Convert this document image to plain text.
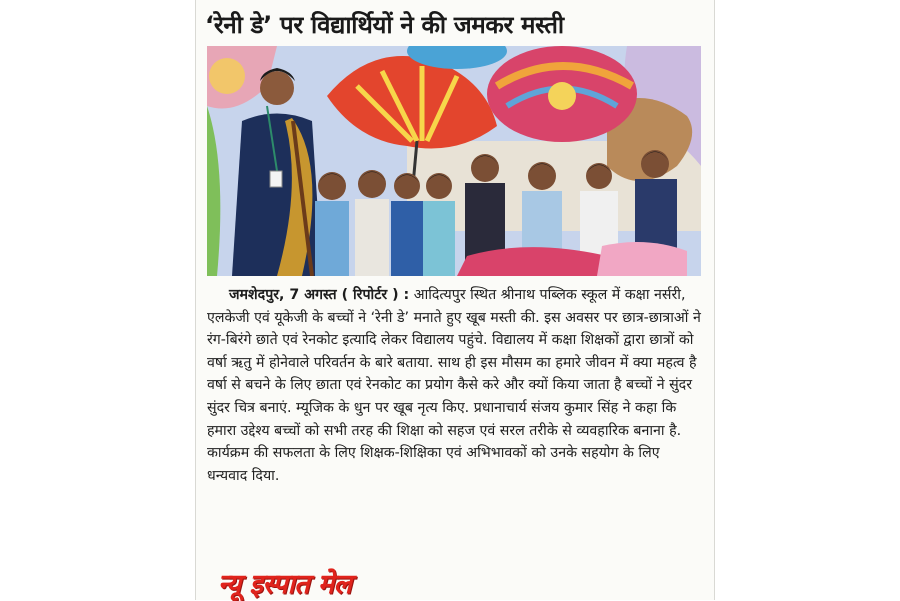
‘रेनी डे’ पर विद्यार्थियों ने की जमकर मस्ती
जमशेदपुर, 7 अगस्त ( रिपोर्टर ) : आदित्यपुर स्थित श्रीनाथ पब्लिक स्कूल में कक्षा नर्सरी, एलकेजी एवं यूकेजी के बच्चों ने ‘रेनी डे’ मनाते हुए खूब मस्ती की. इस अवसर पर छात्र-छात्राओं ने रंग-बिरंगे छाते एवं रेनकोट इत्यादि लेकर विद्यालय पहुंचे. विद्यालय में कक्षा शिक्षकों द्वारा छात्रों को वर्षा ऋतु में होनेवाले परिवर्तन के बारे बताया. साथ ही इस मौसम का हमारे जीवन में क्या महत्व है वर्षा से बचने के लिए छाता एवं रेनकोट का प्रयोग कैसे करे और क्यों किया जाता है बच्चों ने सुंदर सुंदर चित्र बनाएं. म्यूजिक के धुन पर खूब नृत्य किए. प्रधानाचार्य संजय कुमार सिंह ने कहा कि हमारा उद्देश्य बच्चों को सभी तरह की शिक्षा को सहज एवं सरल तरीके से व्यवहारिक बनाना है. कार्यक्रम की सफलता के लिए शिक्षक-शिक्षिका एवं अभिभावकों को उनके सहयोग के लिए धन्यवाद दिया.
न्यू इस्पात मेल
